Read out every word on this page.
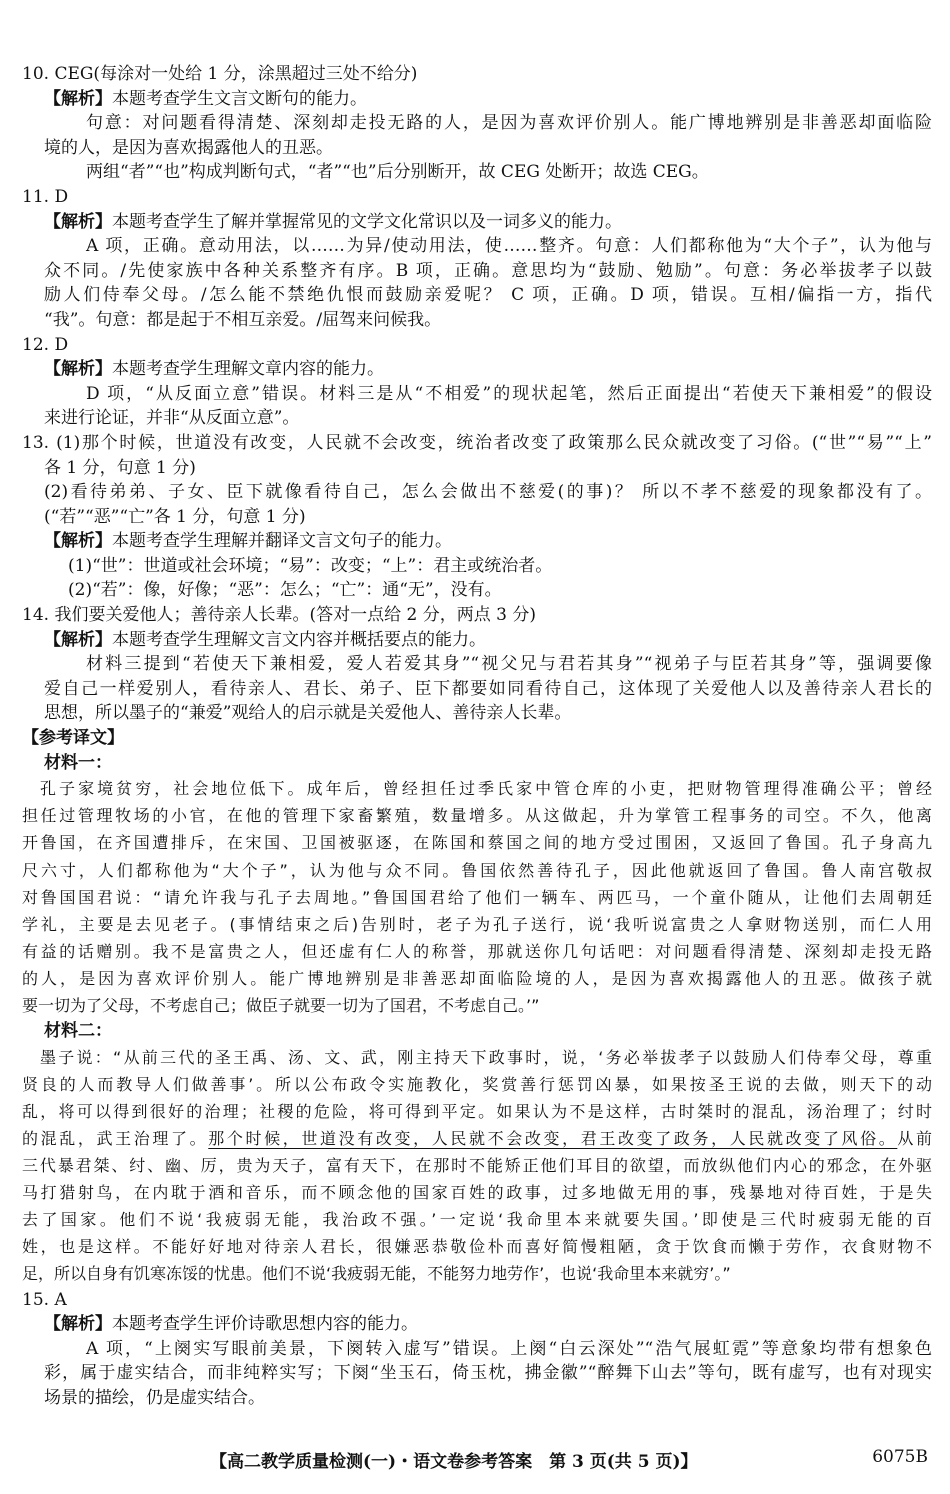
10. CEG(每涂对一处给 1 分，涂黑超过三处不给分)
【解析】本题考查学生文言文断句的能力。
句意：对问题看得清楚、深刻却走投无路的人，是因为喜欢评价别人。能广博地辨别是非善恶却面临险
境的人，是因为喜欢揭露他人的丑恶。
两组“者”“也”构成判断句式，“者”“也”后分别断开，故 CEG 处断开；故选 CEG。
11. D
【解析】本题考查学生了解并掌握常见的文学文化常识以及一词多义的能力。
A 项，正确。意动用法，以……为异/使动用法，使……整齐。句意：人们都称他为“大个子”，认为他与
众不同。/先使家族中各种关系整齐有序。B 项，正确。意思均为“鼓励、勉励”。句意：务必举拔孝子以鼓
励人们侍奉父母。/怎么能不禁绝仇恨而鼓励亲爱呢？ C 项，正确。D 项，错误。互相/偏指一方，指代
“我”。句意：都是起于不相互亲爱。/屈驾来问候我。
12. D
【解析】本题考查学生理解文章内容的能力。
D 项，“从反面立意”错误。材料三是从“不相爱”的现状起笔，然后正面提出“若使天下兼相爱”的假设
来进行论证，并非“从反面立意”。
13. (1)那个时候，世道没有改变，人民就不会改变，统治者改变了政策那么民众就改变了习俗。(“世”“易”“上”
各 1 分，句意 1 分)
(2)看待弟弟、子女、臣下就像看待自己，怎么会做出不慈爱(的事)？ 所以不孝不慈爱的现象都没有了。
(“若”“恶”“亡”各 1 分，句意 1 分)
【解析】本题考查学生理解并翻译文言文句子的能力。
(1)“世”：世道或社会环境；“易”：改变；“上”：君主或统治者。
(2)“若”：像，好像；“恶”：怎么；“亡”：通“无”，没有。
14. 我们要关爱他人；善待亲人长辈。(答对一点给 2 分，两点 3 分)
【解析】本题考查学生理解文言文内容并概括要点的能力。
材料三提到“若使天下兼相爱，爱人若爱其身”“视父兄与君若其身”“视弟子与臣若其身”等，强调要像
爱自己一样爱别人，看待亲人、君长、弟子、臣下都要如同看待自己，这体现了关爱他人以及善待亲人君长的
思想，所以墨子的“兼爱”观给人的启示就是关爱他人、善待亲人长辈。
【参考译文】
材料一：
孔子家境贫穷，社会地位低下。成年后，曾经担任过季氏家中管仓库的小吏，把财物管理得准确公平；曾经
担任过管理牧场的小官，在他的管理下家畜繁殖，数量增多。从这做起，升为掌管工程事务的司空。不久，他离
开鲁国，在齐国遭排斥，在宋国、卫国被驱逐，在陈国和蔡国之间的地方受过围困，又返回了鲁国。孔子身高九
尺六寸，人们都称他为“大个子”，认为他与众不同。鲁国依然善待孔子，因此他就返回了鲁国。鲁人南宫敬叔
对鲁国国君说：“请允许我与孔子去周地。”鲁国国君给了他们一辆车、两匹马，一个童仆随从，让他们去周朝廷
学礼，主要是去见老子。(事情结束之后)告别时，老子为孔子送行，说‘我听说富贵之人拿财物送别，而仁人用
有益的话赠别。我不是富贵之人，但还虚有仁人的称誉，那就送你几句话吧：对问题看得清楚、深刻却走投无路
的人，是因为喜欢评价别人。能广博地辨别是非善恶却面临险境的人，是因为喜欢揭露他人的丑恶。做孩子就
要一切为了父母，不考虑自己；做臣子就要一切为了国君，不考虑自己。’”
材料二：
墨子说：“从前三代的圣王禹、汤、文、武，刚主持天下政事时，说，‘务必举拔孝子以鼓励人们侍奉父母，尊重
贤良的人而教导人们做善事’。所以公布政令实施教化，奖赏善行惩罚凶暴，如果按圣王说的去做，则天下的动
乱，将可以得到很好的治理；社稷的危险，将可得到平定。如果认为不是这样，古时桀时的混乱，汤治理了；纣时
的混乱，武王治理了。那个时候，世道没有改变，人民就不会改变，君王改变了政务，人民就改变了风俗。从前
三代暴君桀、纣、幽、厉，贵为天子，富有天下，在那时不能矫正他们耳目的欲望，而放纵他们内心的邪念，在外驱
马打猎射鸟，在内耽于酒和音乐，而不顾念他的国家百姓的政事，过多地做无用的事，残暴地对待百姓，于是失
去了国家。他们不说‘我疲弱无能，我治政不强。’一定说‘我命里本来就要失国。’即使是三代时疲弱无能的百
姓，也是这样。不能好好地对待亲人君长，很嫌恶恭敬俭朴而喜好简慢粗陋，贪于饮食而懒于劳作，衣食财物不
足，所以自身有饥寒冻馁的忧患。他们不说‘我疲弱无能，不能努力地劳作’，也说‘我命里本来就穷’。”
15. A
【解析】本题考查学生评价诗歌思想内容的能力。
A 项，“上阕实写眼前美景，下阕转入虚写”错误。上阕“白云深处”“浩气展虹霓”等意象均带有想象色
彩，属于虚实结合，而非纯粹实写；下阕“坐玉石，倚玉枕，拂金徽”“醉舞下山去”等句，既有虚写，也有对现实
场景的描绘，仍是虚实结合。
【高二教学质量检测(一)・语文卷参考答案　第 3 页(共 5 页)】	6075B
